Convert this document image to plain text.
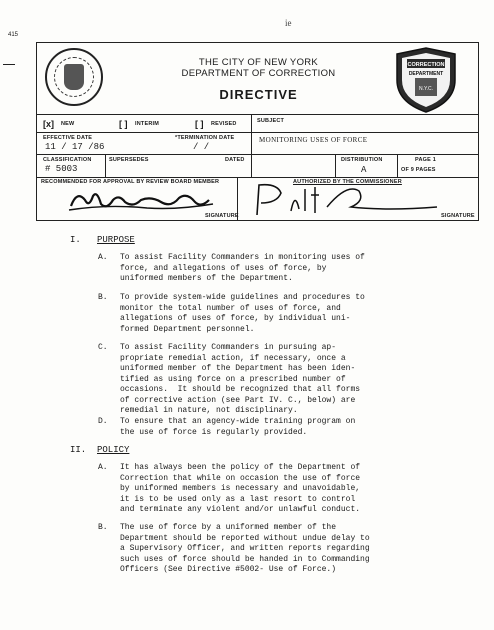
415
ie
THE CITY OF NEW YORK
DEPARTMENT OF CORRECTION
DIRECTIVE
CORRECTION
DEPARTMENT
N.Y.C.
[x] NEW	[ ] INTERIM	[ ] REVISED	SUBJECT
MONITORING USES OF FORCE
EFFECTIVE DATE
11 / 17 /86
*TERMINATION DATE
/ /
CLASSIFICATION
# 5003
SUPERSEDES	DATED	DISTRIBUTION
A
PAGE 1
OF 9 PAGES
RECOMMENDED FOR APPROVAL BY REVIEW BOARD MEMBER	AUTHORIZED BY THE COMMISSIONER
SIGNATURE	SIGNATURE
I. PURPOSE
A. To assist Facility Commanders in monitoring uses of
force, and allegations of uses of force, by
uniformed members of the Department.
B. To provide system-wide guidelines and procedures to
monitor the total number of uses of force, and
allegations of uses of force, by individual uni-
formed Department personnel.
C. To assist Facility Commanders in pursuing ap-
propriate remedial action, if necessary, once a
uniformed member of the Department has been iden-
tified as using force on a prescribed number of
occasions.  It should be recognized that all forms
of corrective action (see Part IV. C., below) are
remedial in nature, not disciplinary.
D. To ensure that an agency-wide training program on
the use of force is regularly provided.
II. POLICY
A. It has always been the policy of the Department of
Correction that while on occasion the use of force
by uniformed members is necessary and unavoidable,
it is to be used only as a last resort to control
and terminate any violent and/or unlawful conduct.
B. The use of force by a uniformed member of the
Department should be reported without undue delay to
a Supervisory Officer, and written reports regarding
such uses of force should be handed in to Commanding
Officers (See Directive #5002- Use of Force.)
